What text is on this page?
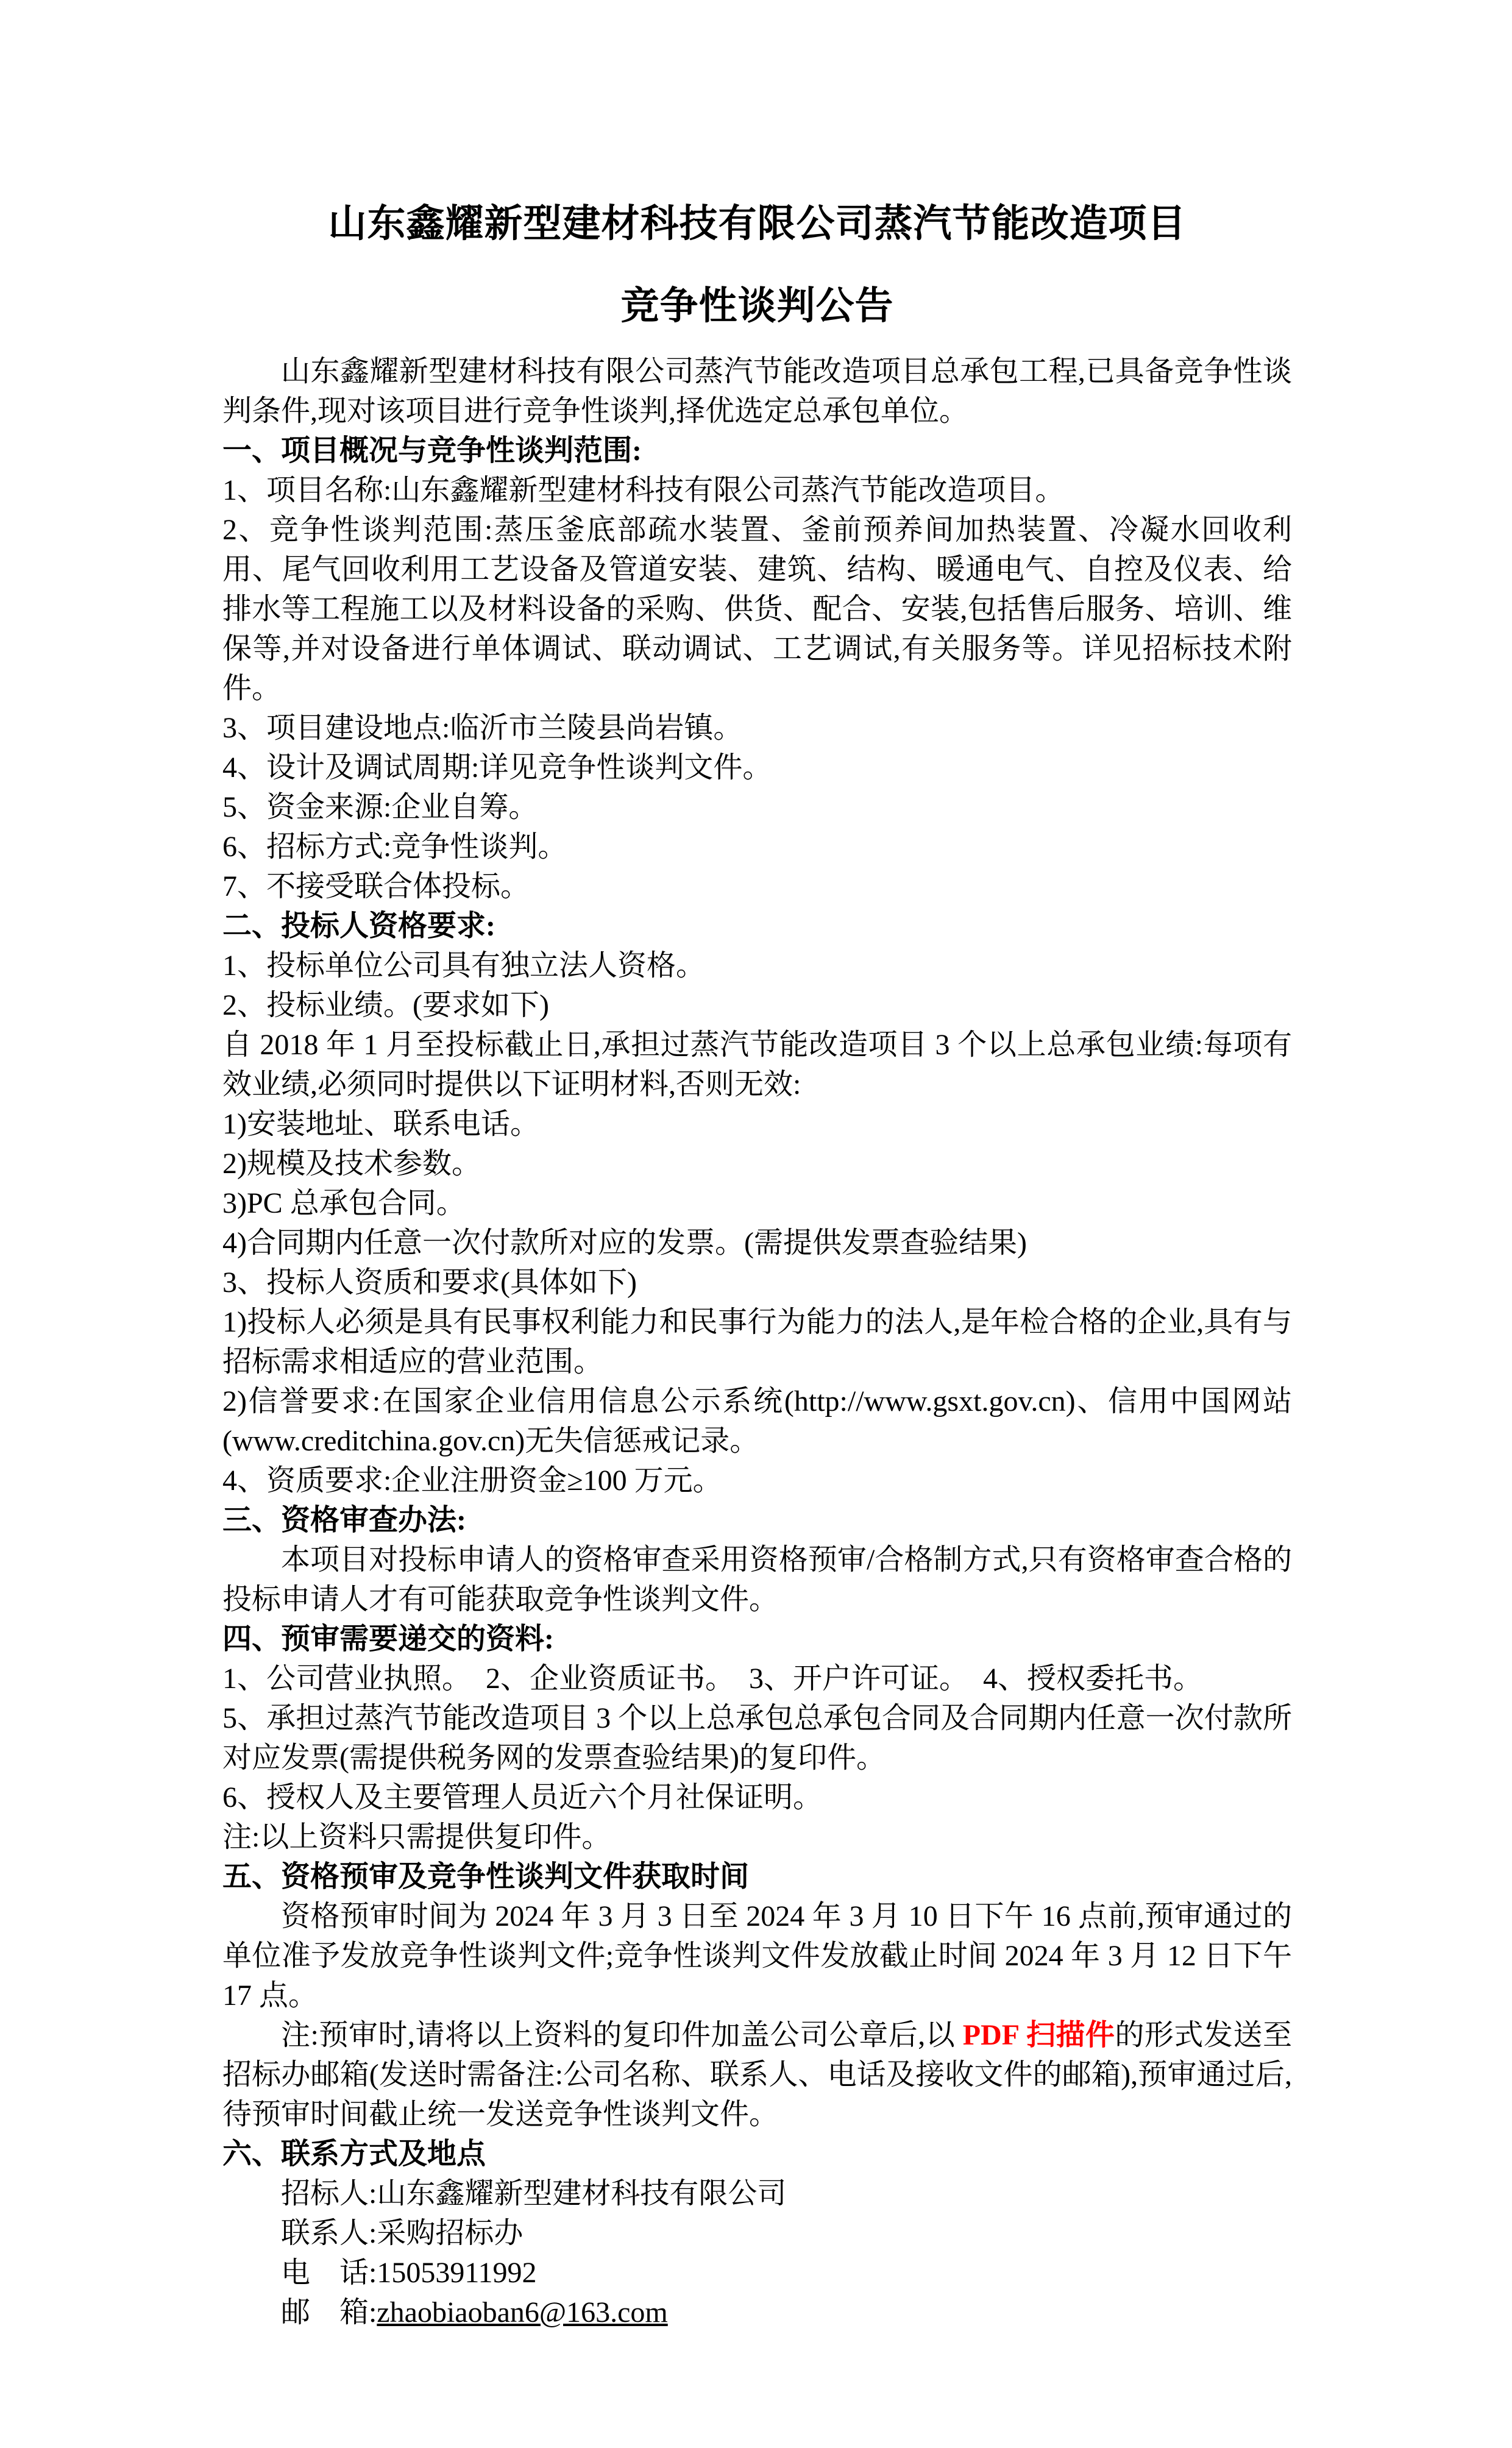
山东鑫耀新型建材科技有限公司蒸汽节能改造项目
竞争性谈判公告

山东鑫耀新型建材科技有限公司蒸汽节能改造项目总承包工程,已具备竞争性谈判条件,现对该项目进行竞争性谈判,择优选定总承包单位。

一、项目概况与竞争性谈判范围:

1、项目名称:山东鑫耀新型建材科技有限公司蒸汽节能改造项目。

2、竞争性谈判范围:蒸压釜底部疏水装置、釜前预养间加热装置、冷凝水回收利用、尾气回收利用工艺设备及管道安装、建筑、结构、暖通电气、自控及仪表、给排水等工程施工以及材料设备的采购、供货、配合、安装,包括售后服务、培训、维保等,并对设备进行单体调试、联动调试、工艺调试,有关服务等。详见招标技术附件。

3、项目建设地点:临沂市兰陵县尚岩镇。

4、设计及调试周期:详见竞争性谈判文件。

5、资金来源:企业自筹。

6、招标方式:竞争性谈判。

7、不接受联合体投标。

二、投标人资格要求:

1、投标单位公司具有独立法人资格。

2、投标业绩。(要求如下)

自 2018 年 1 月至投标截止日,承担过蒸汽节能改造项目 3 个以上总承包业绩:每项有效业绩,必须同时提供以下证明材料,否则无效:

1)安装地址、联系电话。

2)规模及技术参数。

3)PC 总承包合同。

4)合同期内任意一次付款所对应的发票。(需提供发票查验结果)

3、投标人资质和要求(具体如下)

1)投标人必须是具有民事权利能力和民事行为能力的法人,是年检合格的企业,具有与招标需求相适应的营业范围。

2)信誉要求:在国家企业信用信息公示系统(http://www.gsxt.gov.cn)、信用中国网站(www.creditchina.gov.cn)无失信惩戒记录。

4、资质要求:企业注册资金≥100 万元。

三、资格审查办法:

本项目对投标申请人的资格审查采用资格预审/合格制方式,只有资格审查合格的投标申请人才有可能获取竞争性谈判文件。

四、预审需要递交的资料:

1、公司营业执照。　2、企业资质证书。　3、开户许可证。　4、授权委托书。

5、承担过蒸汽节能改造项目 3 个以上总承包总承包合同及合同期内任意一次付款所对应发票(需提供税务网的发票查验结果)的复印件。

6、授权人及主要管理人员近六个月社保证明。

注:以上资料只需提供复印件。

五、资格预审及竞争性谈判文件获取时间

资格预审时间为 2024 年 3 月 3 日至 2024 年 3 月 10 日下午 16 点前,预审通过的单位准予发放竞争性谈判文件;竞争性谈判文件发放截止时间 2024 年 3 月 12 日下午 17 点。

注:预审时,请将以上资料的复印件加盖公司公章后,以 PDF 扫描件的形式发送至招标办邮箱(发送时需备注:公司名称、联系人、电话及接收文件的邮箱),预审通过后,待预审时间截止统一发送竞争性谈判文件。

六、联系方式及地点

招标人:山东鑫耀新型建材科技有限公司

联系人:采购招标办

电　话:15053911992

邮　箱:zhaobiaoban6@163.com
